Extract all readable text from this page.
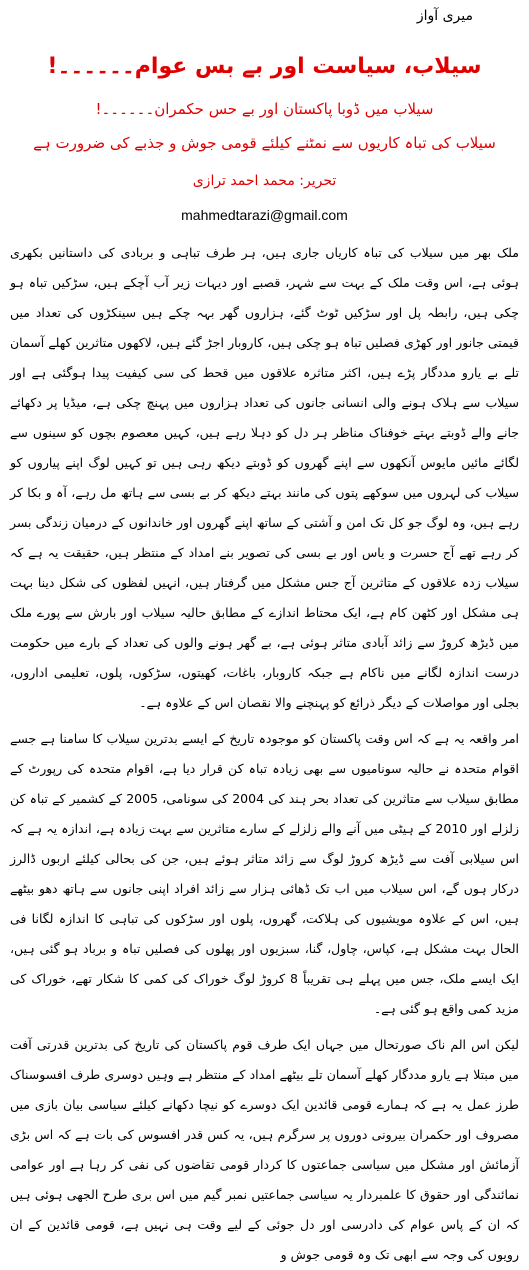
میری آواز
سیلاب، سیاست اور بے بس عوام۔۔۔۔۔۔!
سیلاب میں ڈوبا پاکستان اور بے حس حکمران۔۔۔۔۔۔!
سیلاب کی تباہ کاریوں سے نمٹنے کیلئے قومی جوش و جذبے کی ضرورت ہے
تحریر: محمد احمد ترازی
mahmedtarazi@gmail.com

ملک بھر میں سیلاب کی تباہ کاریاں جاری ہیں، ہر طرف تباہی و بربادی کی داستانیں بکھری ہوئی ہے، اس وقت ملک کے بہت سے شہر، قصبے اور دیہات زیر آب آچکے ہیں، سڑکیں تباہ ہو چکی ہیں، رابطہ پل اور سڑکیں ٹوٹ گئے، ہزاروں گھر بہہ چکے ہیں سینکڑوں کی تعداد میں قیمتی جانور اور کھڑی فصلیں تباہ ہو چکی ہیں، کاروبار اجڑ گئے ہیں، لاکھوں متاثرین کھلے آسمان تلے بے یارو مددگار پڑے ہیں، اکثر متاثرہ علاقوں میں قحط کی سی کیفیت پیدا ہوگئی ہے اور سیلاب سے ہلاک ہونے والی انسانی جانوں کی تعداد ہزاروں میں پہنچ چکی ہے، میڈیا پر دکھائے جانے والے ڈوبتے بہتے خوفناک مناظر ہر دل کو دہلا رہے ہیں، کہیں معصوم بچوں کو سینوں سے لگائے مائیں مایوس آنکھوں سے اپنے گھروں کو ڈوبتے دیکھ رہی ہیں تو کہیں لوگ اپنے پیاروں کو سیلاب کی لہروں میں سوکھے پتوں کی مانند بہتے دیکھ کر بے بسی سے ہاتھ مل رہے، آہ و بکا کر رہے ہیں، وہ لوگ جو کل تک امن و آشتی کے ساتھ اپنے گھروں اور خاندانوں کے درمیان زندگی بسر کر رہے تھے آج حسرت و یاس اور بے بسی کی تصویر بنے امداد کے منتظر ہیں، حقیقت یہ ہے کہ سیلاب زدہ علاقوں کے متاثرین آج جس مشکل میں گرفتار ہیں، انہیں لفظوں کی شکل دینا بہت ہی مشکل اور کٹھن کام ہے، ایک محتاط اندازے کے مطابق حالیہ سیلاب اور بارش سے پورے ملک میں ڈیڑھ کروڑ سے زائد آبادی متاثر ہوئی ہے، بے گھر ہونے والوں کی تعداد کے بارے میں حکومت درست اندازہ لگانے میں ناکام ہے جبکہ کاروبار، باغات، کھیتوں، سڑکوں، پلوں، تعلیمی اداروں، بجلی اور مواصلات کے دیگر ذرائع کو پہنچنے والا نقصان اس کے علاوہ ہے۔

امر واقعہ یہ ہے کہ اس وقت پاکستان کو موجودہ تاریخ کے ایسے بدترین سیلاب کا سامنا ہے جسے اقوام متحدہ نے حالیہ سونامیوں سے بھی زیادہ تباہ کن قرار دیا ہے، اقوام متحدہ کی رپورٹ کے مطابق سیلاب سے متاثرین کی تعداد بحر ہند کی 2004 کی سونامی، 2005 کے کشمیر کے تباہ کن زلزلے اور 2010 کے ہیٹی میں آنے والے زلزلے کے سارے متاثرین سے بہت زیادہ ہے، اندازہ یہ ہے کہ اس سیلابی آفت سے ڈیڑھ کروڑ لوگ سے زائد متاثر ہوئے ہیں، جن کی بحالی کیلئے اربوں ڈالرز درکار ہوں گے، اس سیلاب میں اب تک ڈھائی ہزار سے زائد افراد اپنی جانوں سے ہاتھ دھو بیٹھے ہیں، اس کے علاوہ مویشیوں کی ہلاکت، گھروں، پلوں اور سڑکوں کی تباہی کا اندازہ لگانا فی الحال بہت مشکل ہے، کپاس، چاول، گنا، سبزیوں اور پھلوں کی فصلیں تباہ و برباد ہو گئی ہیں، ایک ایسے ملک، جس میں پہلے ہی تقریباً 8 کروڑ لوگ خوراک کی کمی کا شکار تھے، خوراک کی مزید کمی واقع ہو گئی ہے۔

لیکن اس الم ناک صورتحال میں جہاں ایک طرف قوم پاکستان کی تاریخ کی بدترین قدرتی آفت میں مبتلا ہے یارو مددگار کھلے آسمان تلے بیٹھے امداد کے منتظر ہے وہیں دوسری طرف افسوسناک طرز عمل یہ ہے کہ ہمارے قومی قائدین ایک دوسرے کو نیچا دکھانے کیلئے سیاسی بیان بازی میں مصروف اور حکمران بیرونی دوروں پر سرگرم ہیں، یہ کس قدر افسوس کی بات ہے کہ اس بڑی آزمائش اور مشکل میں سیاسی جماعتوں کا کردار قومی تقاضوں کی نفی کر رہا ہے اور عوامی نمائندگی اور حقوق کا علمبردار یہ سیاسی جماعتیں نمبر گیم میں اس بری طرح الجھی ہوئی ہیں کہ ان کے پاس عوام کی دادرسی اور دل جوئی کے لیے وقت ہی نہیں ہے، قومی قائدین کے ان رویوں کی وجہ سے ابھی تک وہ قومی جوش و
